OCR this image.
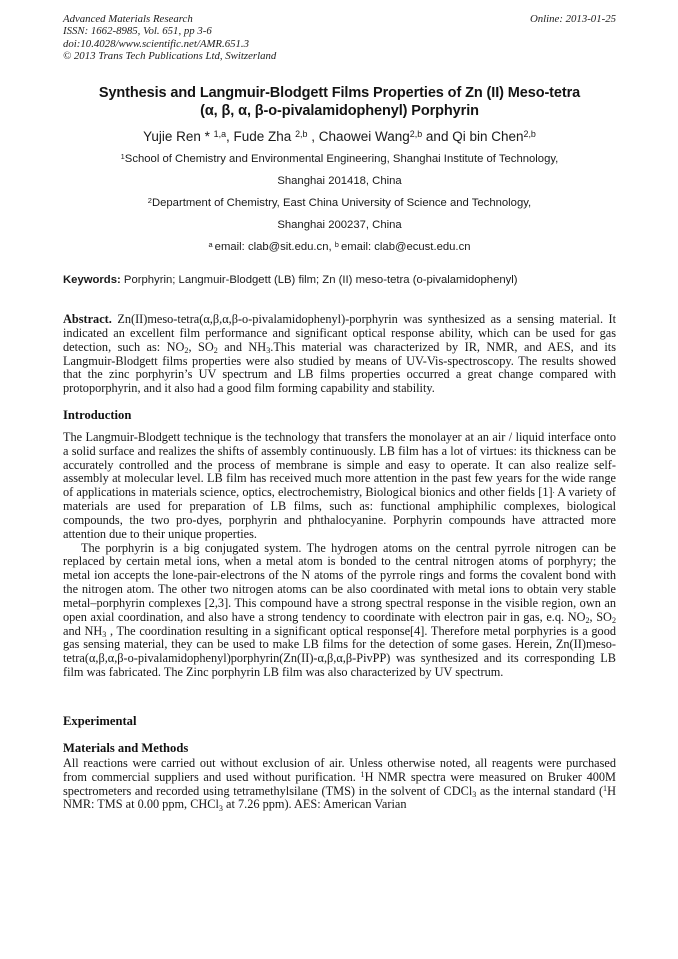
Advanced Materials Research
ISSN: 1662-8985, Vol. 651, pp 3-6
doi:10.4028/www.scientific.net/AMR.651.3
© 2013 Trans Tech Publications Ltd, Switzerland
Online: 2013-01-25
Synthesis and Langmuir-Blodgett Films Properties of Zn (II) Meso-tetra
(α, β, α, β-o-pivalamidophenyl) Porphyrin
Yujie Ren * $^{1,a}$, Fude Zha $^{2,b}$ , Chaowei Wang$^{2,b}$ and Qi bin Chen$^{2,b}$
$^1$School of Chemistry and Environmental Engineering, Shanghai Institute of Technology,
Shanghai 201418, China
$^2$Department of Chemistry, East China University of Science and Technology,
Shanghai 200237, China
$^a$ email: clab@sit.edu.cn, $^b$ email: clab@ecust.edu.cn
Keywords: Porphyrin; Langmuir-Blodgett (LB) film; Zn (II) meso-tetra (o-pivalamidophenyl)

Abstract. Zn(II)meso-tetra(α,β,α,β-o-pivalamidophenyl)-porphyrin was synthesized as a sensing material. It indicated an excellent film performance and significant optical response ability, which can be used for gas detection, such as: NO2, SO2 and NH3.This material was characterized by IR, NMR, and AES, and its Langmuir-Blodgett films properties were also studied by means of UV-Vis-spectroscopy. The results showed that the zinc porphyrin’s UV spectrum and LB films properties occurred a great change compared with protoporphyrin, and it also had a good film forming capability and stability.

Introduction

The Langmuir-Blodgett technique is the technology that transfers the monolayer at an air / liquid interface onto a solid surface and realizes the shifts of assembly continuously. LB film has a lot of virtues: its thickness can be accurately controlled and the process of membrane is simple and easy to operate. It can also realize self-assembly at molecular level. LB film has received much more attention in the past few years for the wide range of applications in materials science, optics, electrochemistry, Biological bionics and other fields [1]. A variety of materials are used for preparation of LB films, such as: functional amphiphilic complexes, biological compounds, the two pro-dyes, porphyrin and phthalocyanine. Porphyrin compounds have attracted more attention due to their unique properties.

The porphyrin is a big conjugated system. The hydrogen atoms on the central pyrrole nitrogen can be replaced by certain metal ions, when a metal atom is bonded to the central nitrogen atoms of porphyry; the metal ion accepts the lone-pair-electrons of the N atoms of the pyrrole rings and forms the covalent bond with the nitrogen atom. The other two nitrogen atoms can be also coordinated with metal ions to obtain very stable metal–porphyrin complexes [2,3]. This compound have a strong spectral response in the visible region, own an open axial coordination, and also have a strong tendency to coordinate with electron pair in gas, e.q. NO2, SO2 and NH3 , The coordination resulting in a significant optical response[4]. Therefore metal porphyries is a good gas sensing material, they can be used to make LB films for the detection of some gases. Herein, Zn(II)meso-tetra(α,β,α,β-o-pivalamidophenyl)porphyrin(Zn(II)-α,β,α,β-PivPP) was synthesized and its corresponding LB film was fabricated. The Zinc porphyrin LB film was also characterized by UV spectrum.

Experimental
Materials and Methods

All reactions were carried out without exclusion of air. Unless otherwise noted, all reagents were purchased from commercial suppliers and used without purification. $^1$H NMR spectra were measured on Bruker 400M spectrometers and recorded using tetramethylsilane (TMS) in the solvent of CDCl3 as the internal standard ($^1$H NMR: TMS at 0.00 ppm, CHCl3 at 7.26 ppm). AES: American Varian
